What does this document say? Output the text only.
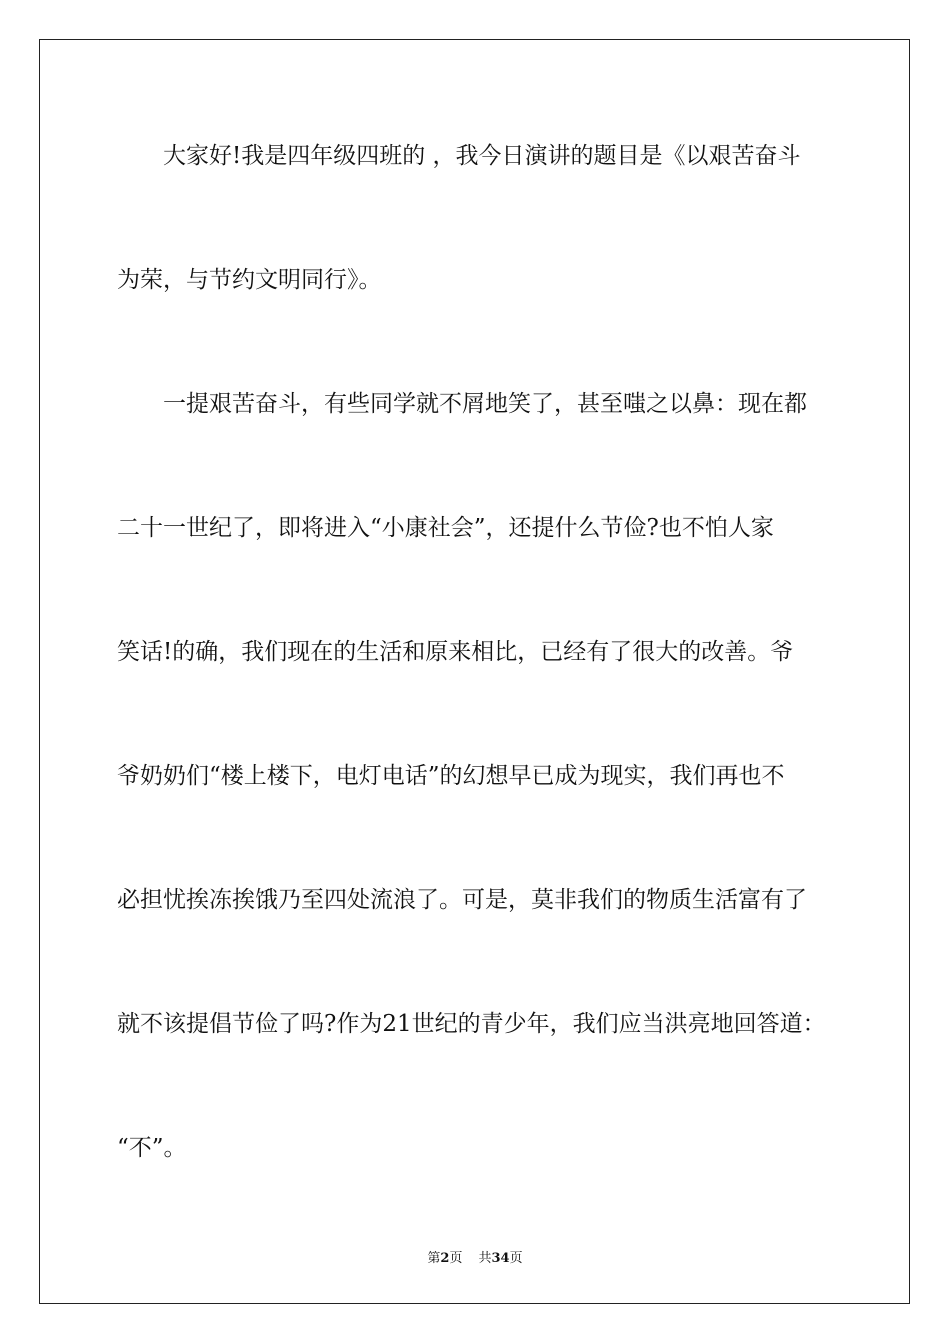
大家好!我是四年级四班的 ，我今日演讲的题目是《以艰苦奋斗
为荣，与节约文明同行》。
一提艰苦奋斗，有些同学就不屑地笑了，甚至嗤之以鼻：现在都
二十一世纪了，即将进入“小康社会”，还提什么节俭?也不怕人家
笑话!的确，我们现在的生活和原来相比，已经有了很大的改善。爷
爷奶奶们“楼上楼下，电灯电话”的幻想早已成为现实，我们再也不
必担忧挨冻挨饿乃至四处流浪了。可是，莫非我们的物质生活富有了
就不该提倡节俭了吗?作为21世纪的青少年，我们应当洪亮地回答道：
“不”。
第2页 共34页
